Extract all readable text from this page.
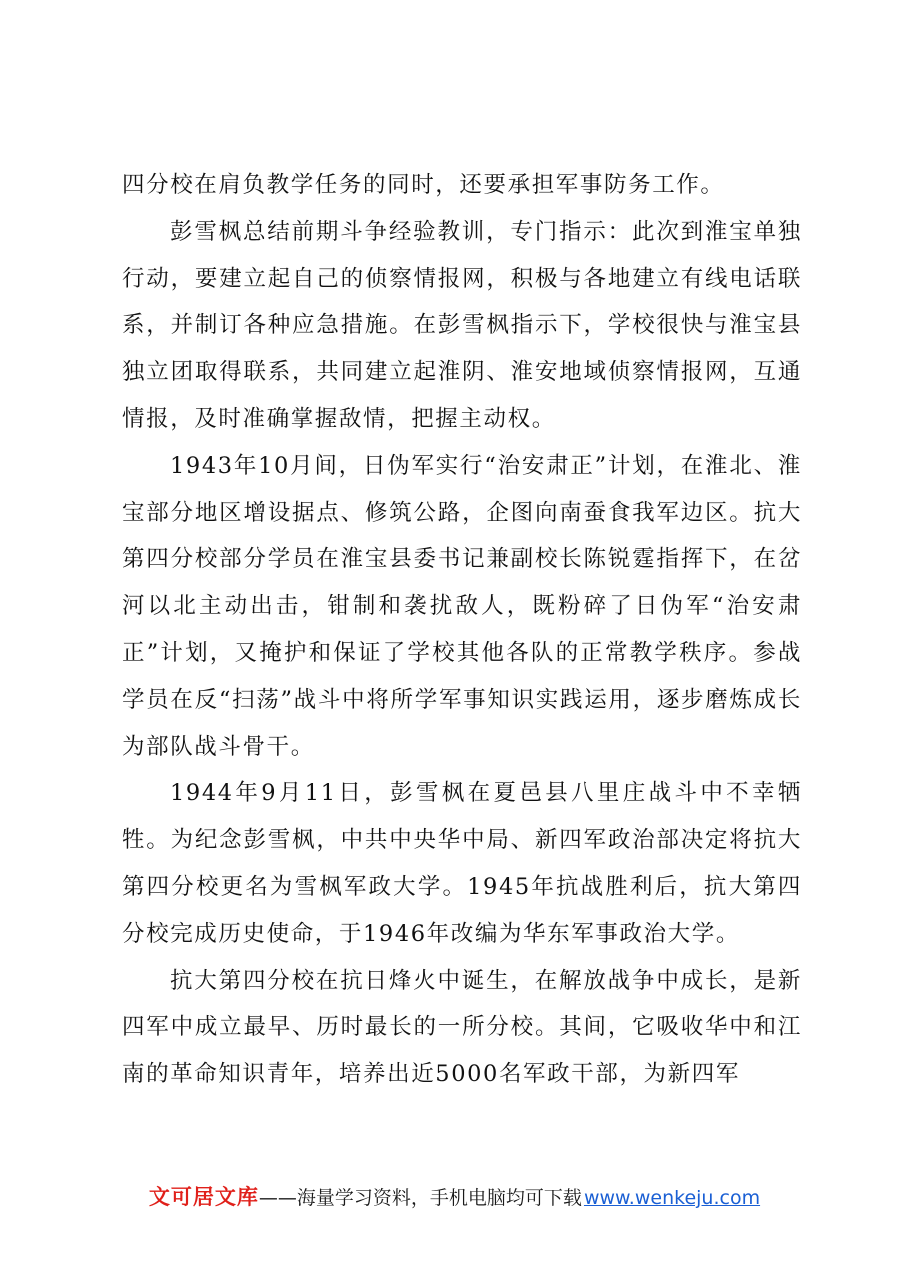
四分校在肩负教学任务的同时，还要承担军事防务工作。

彭雪枫总结前期斗争经验教训，专门指示：此次到淮宝单独行动，要建立起自己的侦察情报网，积极与各地建立有线电话联系，并制订各种应急措施。在彭雪枫指示下，学校很快与淮宝县独立团取得联系，共同建立起淮阴、淮安地域侦察情报网，互通情报，及时准确掌握敌情，把握主动权。

1943年10月间，日伪军实行“治安肃正”计划，在淮北、淮宝部分地区增设据点、修筑公路，企图向南蚕食我军边区。抗大第四分校部分学员在淮宝县委书记兼副校长陈锐霆指挥下，在岔河以北主动出击，钳制和袭扰敌人，既粉碎了日伪军“治安肃正”计划，又掩护和保证了学校其他各队的正常教学秩序。参战学员在反“扫荡”战斗中将所学军事知识实践运用，逐步磨炼成长为部队战斗骨干。

1944年9月11日，彭雪枫在夏邑县八里庄战斗中不幸牺牲。为纪念彭雪枫，中共中央华中局、新四军政治部决定将抗大第四分校更名为雪枫军政大学。1945年抗战胜利后，抗大第四分校完成历史使命，于1946年改编为华东军事政治大学。

抗大第四分校在抗日烽火中诞生，在解放战争中成长，是新四军中成立最早、历时最长的一所分校。其间，它吸收华中和江南的革命知识青年，培养出近5000名军政干部，为新四军

文可居文库——海量学习资料，手机电脑均可下载 www.wenkeju.com
